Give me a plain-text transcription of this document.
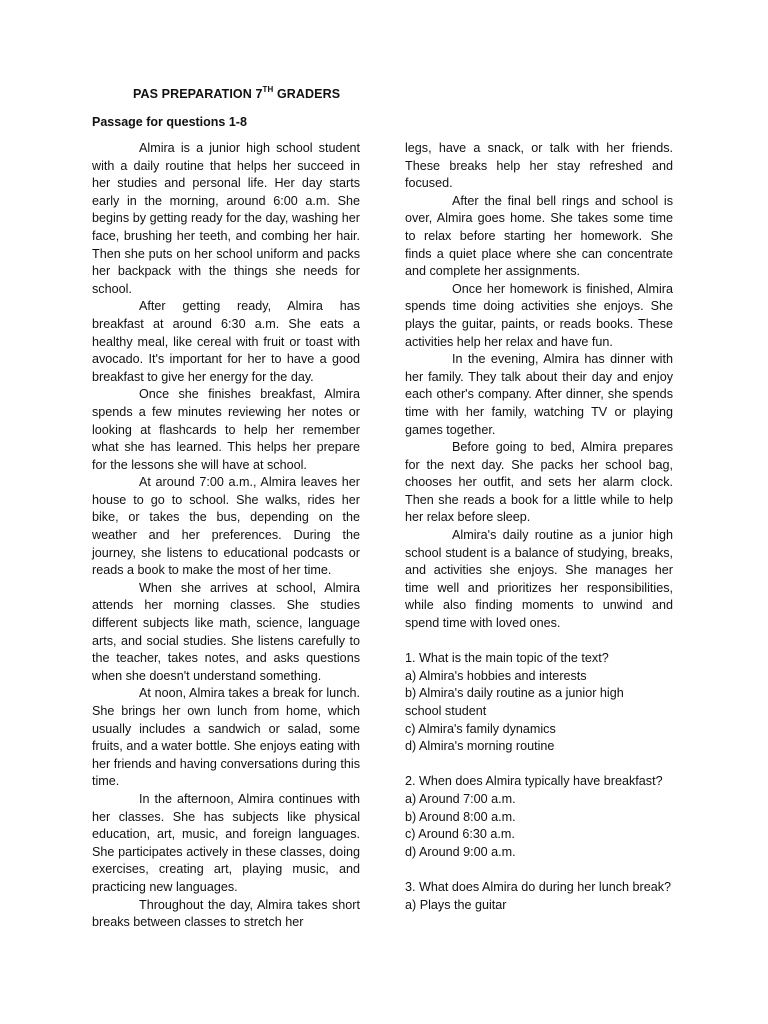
PAS PREPARATION 7TH GRADERS
Passage for questions 1-8

Almira is a junior high school student with a daily routine that helps her succeed in her studies and personal life. Her day starts early in the morning, around 6:00 a.m. She begins by getting ready for the day, washing her face, brushing her teeth, and combing her hair. Then she puts on her school uniform and packs her backpack with the things she needs for school.

After getting ready, Almira has breakfast at around 6:30 a.m. She eats a healthy meal, like cereal with fruit or toast with avocado. It's important for her to have a good breakfast to give her energy for the day.

Once she finishes breakfast, Almira spends a few minutes reviewing her notes or looking at flashcards to help her remember what she has learned. This helps her prepare for the lessons she will have at school.

At around 7:00 a.m., Almira leaves her house to go to school. She walks, rides her bike, or takes the bus, depending on the weather and her preferences. During the journey, she listens to educational podcasts or reads a book to make the most of her time.

When she arrives at school, Almira attends her morning classes. She studies different subjects like math, science, language arts, and social studies. She listens carefully to the teacher, takes notes, and asks questions when she doesn't understand something.

At noon, Almira takes a break for lunch. She brings her own lunch from home, which usually includes a sandwich or salad, some fruits, and a water bottle. She enjoys eating with her friends and having conversations during this time.

In the afternoon, Almira continues with her classes. She has subjects like physical education, art, music, and foreign languages. She participates actively in these classes, doing exercises, creating art, playing music, and practicing new languages.

Throughout the day, Almira takes short breaks between classes to stretch her

legs, have a snack, or talk with her friends. These breaks help her stay refreshed and focused.

After the final bell rings and school is over, Almira goes home. She takes some time to relax before starting her homework. She finds a quiet place where she can concentrate and complete her assignments.

Once her homework is finished, Almira spends time doing activities she enjoys. She plays the guitar, paints, or reads books. These activities help her relax and have fun.

In the evening, Almira has dinner with her family. They talk about their day and enjoy each other's company. After dinner, she spends time with her family, watching TV or playing games together.

Before going to bed, Almira prepares for the next day. She packs her school bag, chooses her outfit, and sets her alarm clock. Then she reads a book for a little while to help her relax before sleep.

Almira's daily routine as a junior high school student is a balance of studying, breaks, and activities she enjoys. She manages her time well and prioritizes her responsibilities, while also finding moments to unwind and spend time with loved ones.

1. What is the main topic of the text?
a) Almira's hobbies and interests
b) Almira's daily routine as a junior high
school student
c) Almira's family dynamics
d) Almira's morning routine
2. When does Almira typically have breakfast?
a) Around 7:00 a.m.
b) Around 8:00 a.m.
c) Around 6:30 a.m.
d) Around 9:00 a.m.
3. What does Almira do during her lunch break?
a) Plays the guitar
